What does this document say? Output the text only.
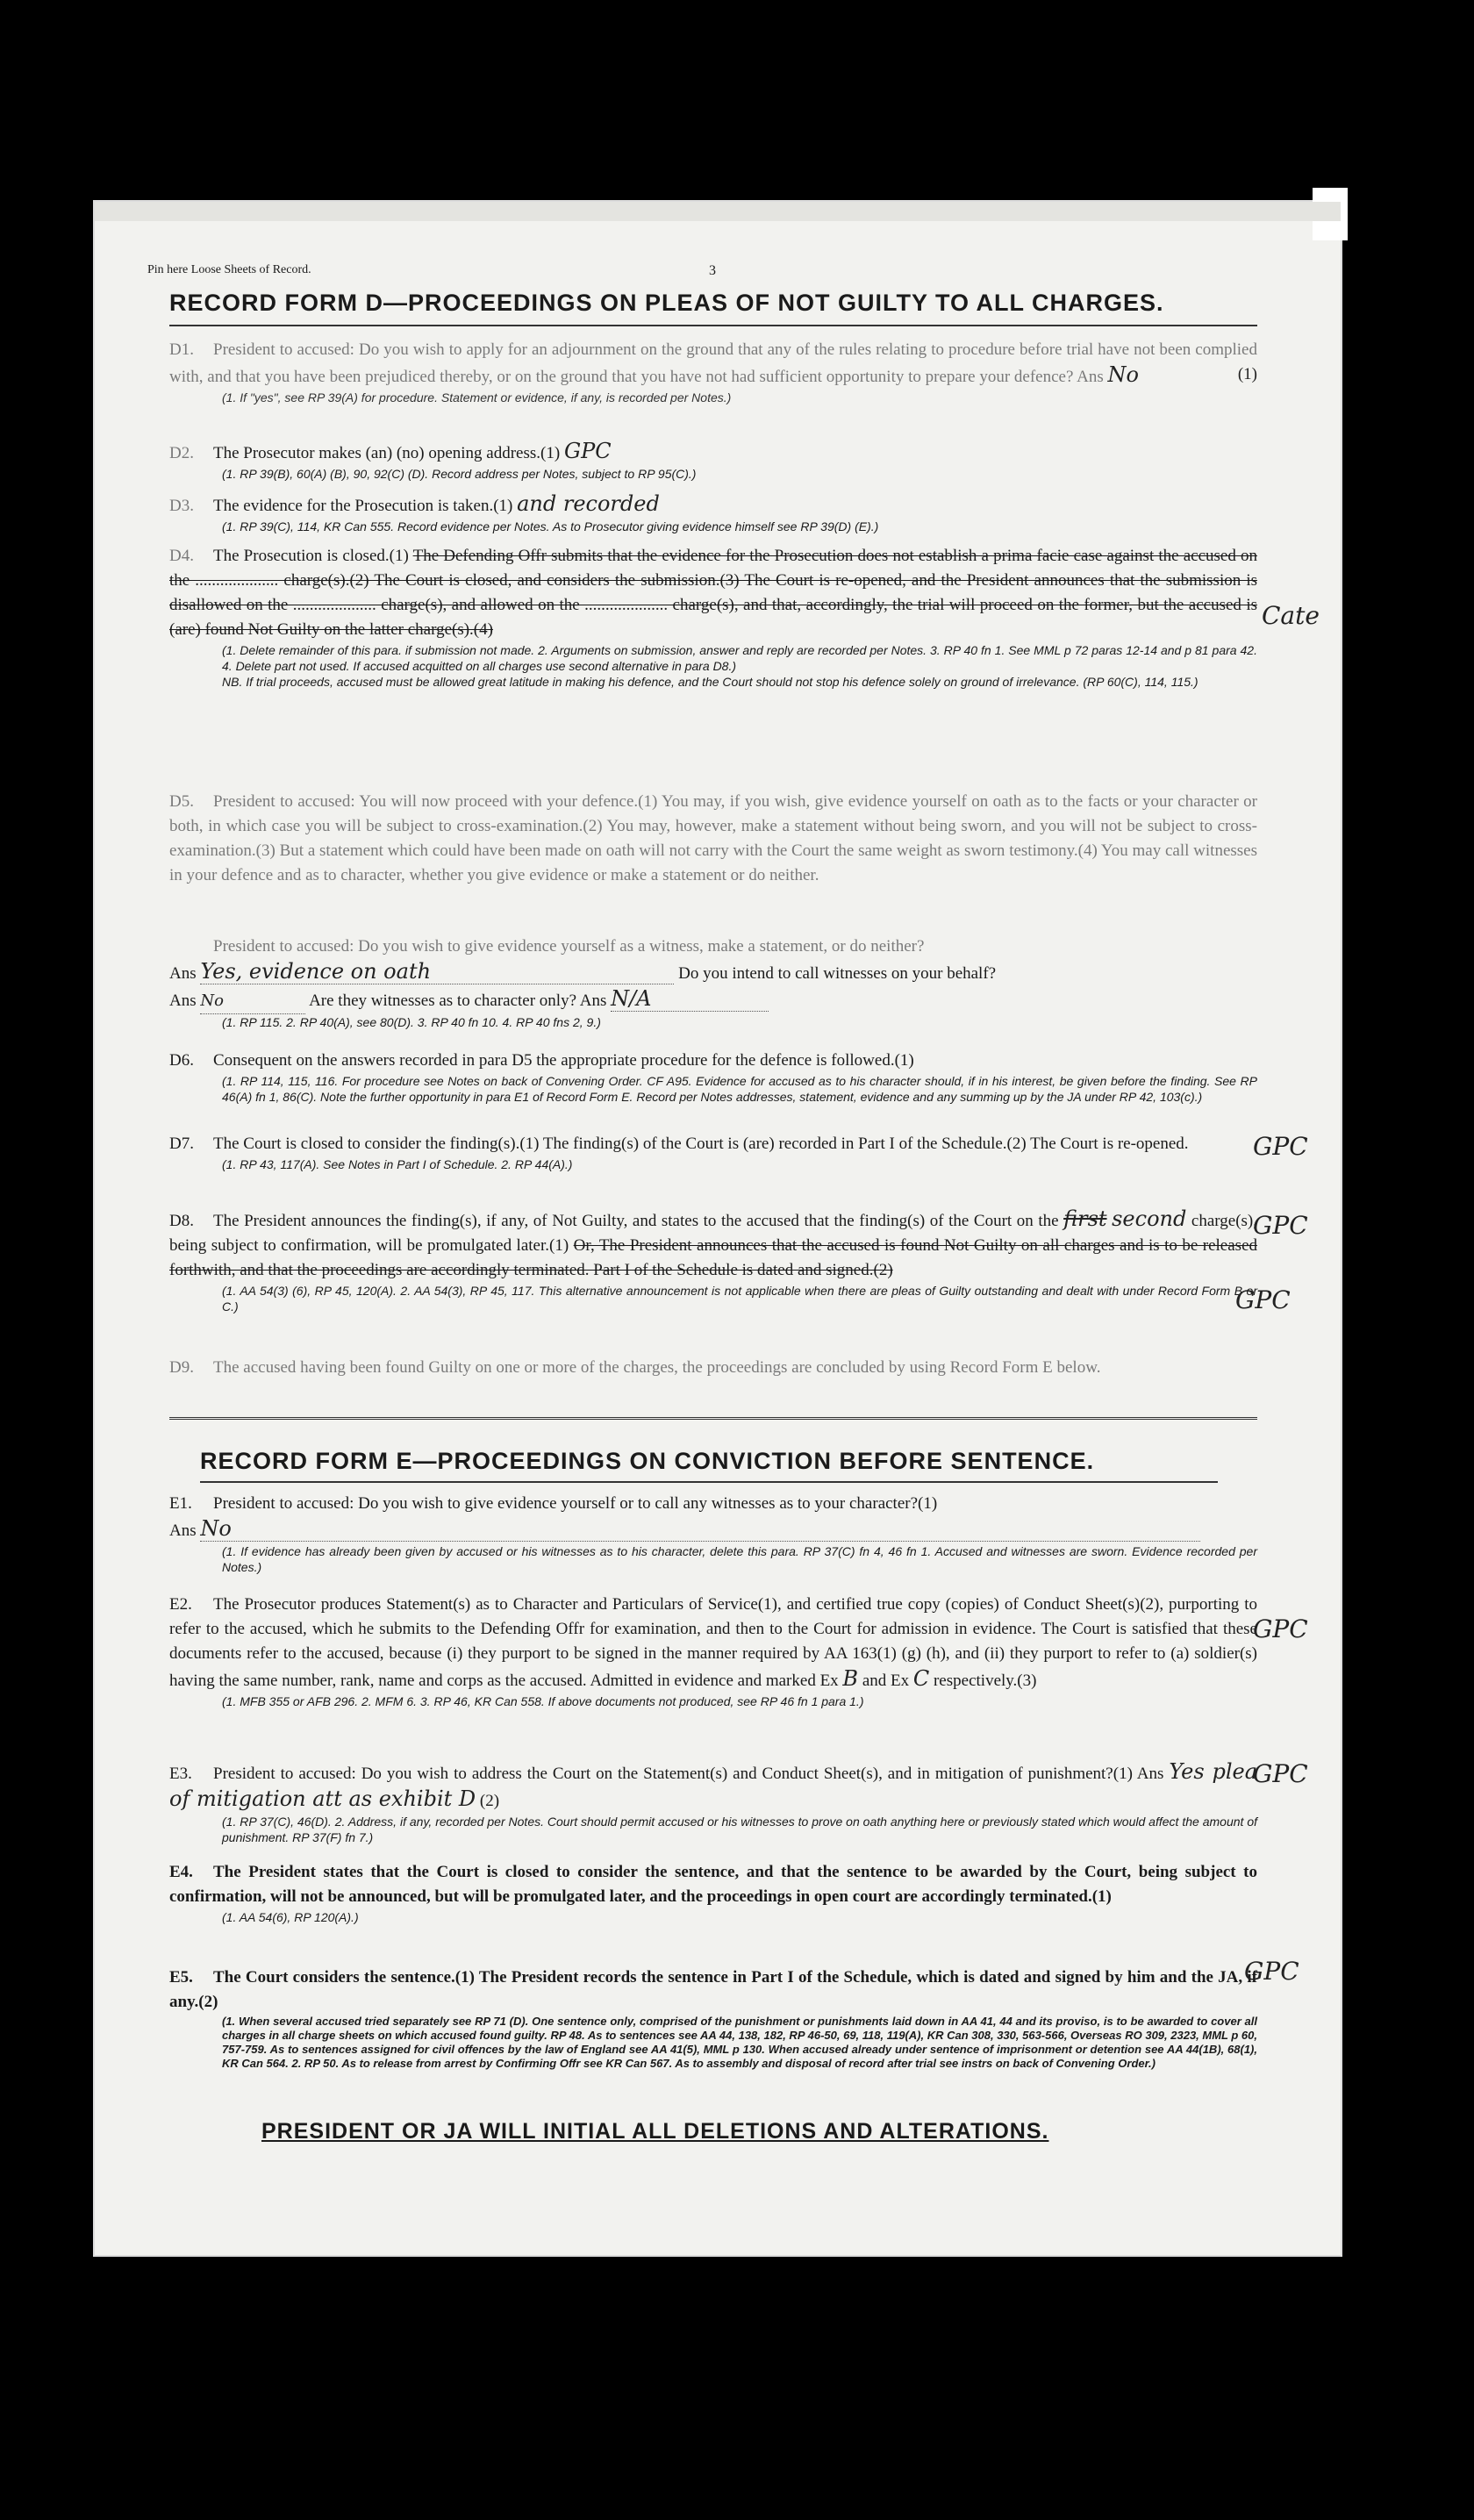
Pin here Loose Sheets of Record.	3
RECORD FORM D—PROCEEDINGS ON PLEAS OF NOT GUILTY TO ALL CHARGES.
D1. President to accused: Do you wish to apply for an adjournment on the ground that any of the rules relating to procedure before trial have not been complied with, and that you have been prejudiced thereby, or on the ground that you have not had sufficient opportunity to prepare your defence? Ans No	(1)
(1. If "yes", see RP 39(A) for procedure. Statement or evidence, if any, is recorded per Notes.)
D2. The Prosecutor makes (an) (no) opening address.(1) GPC
(1. RP 39(B), 60(A) (B), 90, 92(C) (D). Record address per Notes, subject to RP 95(C).)
D3. The evidence for the Prosecution is taken.(1) and recorded
(1. RP 39(C), 114, KR Can 555. Record evidence per Notes. As to Prosecutor giving evidence himself see RP 39(D) (E).)
D4. The Prosecution is closed.(1) The Defending Offr submits that the evidence for the Prosecution does not establish a prima facie case against the accused on the .................... charge(s).(2) The Court is closed, and considers the submission.(3) The Court is re-opened, and the President announces that the submission is disallowed on the .................... charge(s), and allowed on the .................... charge(s), and that, accordingly, the trial will proceed on the former, but the accused is (are) found Not Guilty on the latter charge(s).(4)
(1. Delete remainder of this para. if submission not made. 2. Arguments on submission, answer and reply are recorded per Notes. 3. RP 40 fn 1. See MML p 72 paras 12-14 and p 81 para 42. 4. Delete part not used. If accused acquitted on all charges use second alternative in para D8.)
NB. If trial proceeds, accused must be allowed great latitude in making his defence, and the Court should not stop his defence solely on ground of irrelevance. (RP 60(C), 114, 115.)
Cate
D5. President to accused: You will now proceed with your defence.(1) You may, if you wish, give evidence yourself on oath as to the facts or your character or both, in which case you will be subject to cross-examination.(2) You may, however, make a statement without being sworn, and you will not be subject to cross-examination.(3) But a statement which could have been made on oath will not carry with the Court the same weight as sworn testimony.(4) You may call witnesses in your defence and as to character, whether you give evidence or make a statement or do neither.
President to accused: Do you wish to give evidence yourself as a witness, make a statement, or do neither?
Ans Yes, evidence on oath	Do you intend to call witnesses on your behalf?
Ans No	Are they witnesses as to character only? Ans N/A
(1. RP 115. 2. RP 40(A), see 80(D). 3. RP 40 fn 10. 4. RP 40 fns 2, 9.)
D6. Consequent on the answers recorded in para D5 the appropriate procedure for the defence is followed.(1)
(1. RP 114, 115, 116. For procedure see Notes on back of Convening Order. CF A95. Evidence for accused as to his character should, if in his interest, be given before the finding. See RP 46(A) fn 1, 86(C). Note the further opportunity in para E1 of Record Form E. Record per Notes addresses, statement, evidence and any summing up by the JA under RP 42, 103(c).)
D7. The Court is closed to consider the finding(s).(1) The finding(s) of the Court is (are) recorded in Part I of the Schedule.(2) The Court is re-opened.
(1. RP 43, 117(A). See Notes in Part I of Schedule. 2. RP 44(A).)
GPC
D8. The President announces the finding(s), if any, of Not Guilty, and states to the accused that the finding(s) of the Court on the first second charge(s), being subject to confirmation, will be promulgated later.(1) Or, The President announces that the accused is found Not Guilty on all charges and is to be released forthwith, and that the proceedings are accordingly terminated. Part I of the Schedule is dated and signed.(2)
(1. AA 54(3) (6), RP 45, 120(A). 2. AA 54(3), RP 45, 117. This alternative announcement is not applicable when there are pleas of Guilty outstanding and dealt with under Record Form B or C.)
GPC
GPC
D9. The accused having been found Guilty on one or more of the charges, the proceedings are concluded by using Record Form E below.
RECORD FORM E—PROCEEDINGS ON CONVICTION BEFORE SENTENCE.
E1. President to accused: Do you wish to give evidence yourself or to call any witnesses as to your character?(1)
Ans No
(1. If evidence has already been given by accused or his witnesses as to his character, delete this para. RP 37(C) fn 4, 46 fn 1. Accused and witnesses are sworn. Evidence recorded per Notes.)
E2. The Prosecutor produces Statement(s) as to Character and Particulars of Service(1), and certified true copy (copies) of Conduct Sheet(s)(2), purporting to refer to the accused, which he submits to the Defending Offr for examination, and then to the Court for admission in evidence. The Court is satisfied that these documents refer to the accused, because (i) they purport to be signed in the manner required by AA 163(1) (g) (h), and (ii) they purport to refer to (a) soldier(s) having the same number, rank, name and corps as the accused. Admitted in evidence and marked Ex B and Ex C respectively.(3)
(1. MFB 355 or AFB 296. 2. MFM 6. 3. RP 46, KR Can 558. If above documents not produced, see RP 46 fn 1 para 1.)
GPC
E3. President to accused: Do you wish to address the Court on the Statement(s) and Conduct Sheet(s), and in mitigation of punishment?(1) Ans Yes plea of mitigation att as exhibit D (2)
(1. RP 37(C), 46(D). 2. Address, if any, recorded per Notes. Court should permit accused or his witnesses to prove on oath anything here or previously stated which would affect the amount of punishment. RP 37(F) fn 7.)
GPC
E4. The President states that the Court is closed to consider the sentence, and that the sentence to be awarded by the Court, being subject to confirmation, will not be announced, but will be promulgated later, and the proceedings in open court are accordingly terminated.(1)
(1. AA 54(6), RP 120(A).)
E5. The Court considers the sentence.(1) The President records the sentence in Part I of the Schedule, which is dated and signed by him and the JA, if any.(2)
(1. When several accused tried separately see RP 71 (D). One sentence only, comprised of the punishment or punishments laid down in AA 41, 44 and its proviso, is to be awarded to cover all charges in all charge sheets on which accused found guilty. RP 48. As to sentences see AA 44, 138, 182, RP 46-50, 69, 118, 119(A), KR Can 308, 330, 563-566, Overseas RO 309, 2323, MML p 60, 757-759. As to sentences assigned for civil offences by the law of England see AA 41(5), MML p 130. When accused already under sentence of imprisonment or detention see AA 44(1B), 68(1), KR Can 564. 2. RP 50. As to release from arrest by Confirming Offr see KR Can 567. As to assembly and disposal of record after trial see instrs on back of Convening Order.)
GPC
PRESIDENT OR JA WILL INITIAL ALL DELETIONS AND ALTERATIONS.
